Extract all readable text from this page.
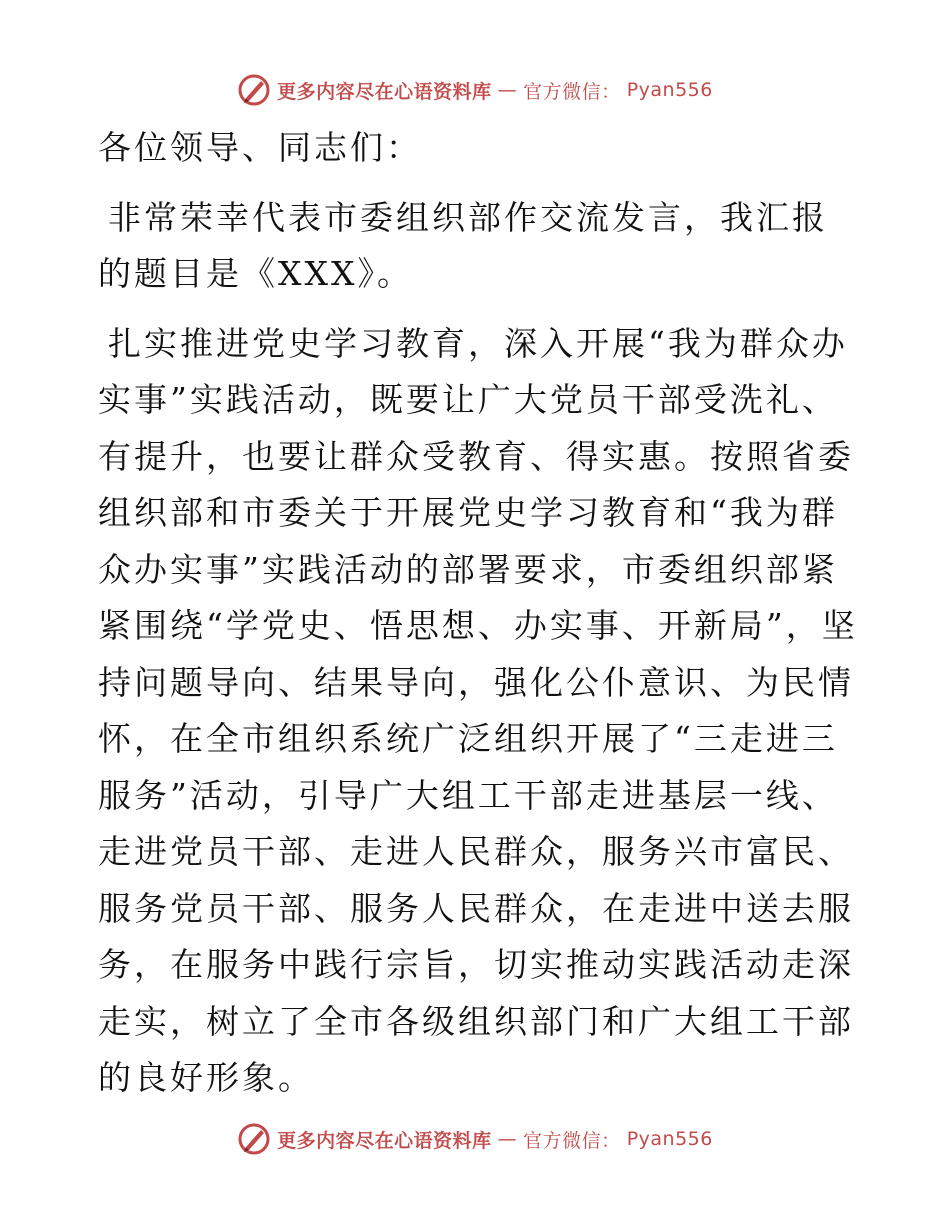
更多内容尽在心语资料库 — 官方微信： Pyan556

各位领导、同志们：

非常荣幸代表市委组织部作交流发言，我汇报的题目是《XXX》。

扎实推进党史学习教育，深入开展“我为群众办实事”实践活动，既要让广大党员干部受洗礼、有提升，也要让群众受教育、得实惠。按照省委组织部和市委关于开展党史学习教育和“我为群众办实事”实践活动的部署要求，市委组织部紧紧围绕“学党史、悟思想、办实事、开新局”，坚持问题导向、结果导向，强化公仆意识、为民情怀，在全市组织系统广泛组织开展了“三走进三服务”活动，引导广大组工干部走进基层一线、走进党员干部、走进人民群众，服务兴市富民、服务党员干部、服务人民群众，在走进中送去服务，在服务中践行宗旨，切实推动实践活动走深走实，树立了全市各级组织部门和广大组工干部的良好形象。

更多内容尽在心语资料库 — 官方微信： Pyan556
